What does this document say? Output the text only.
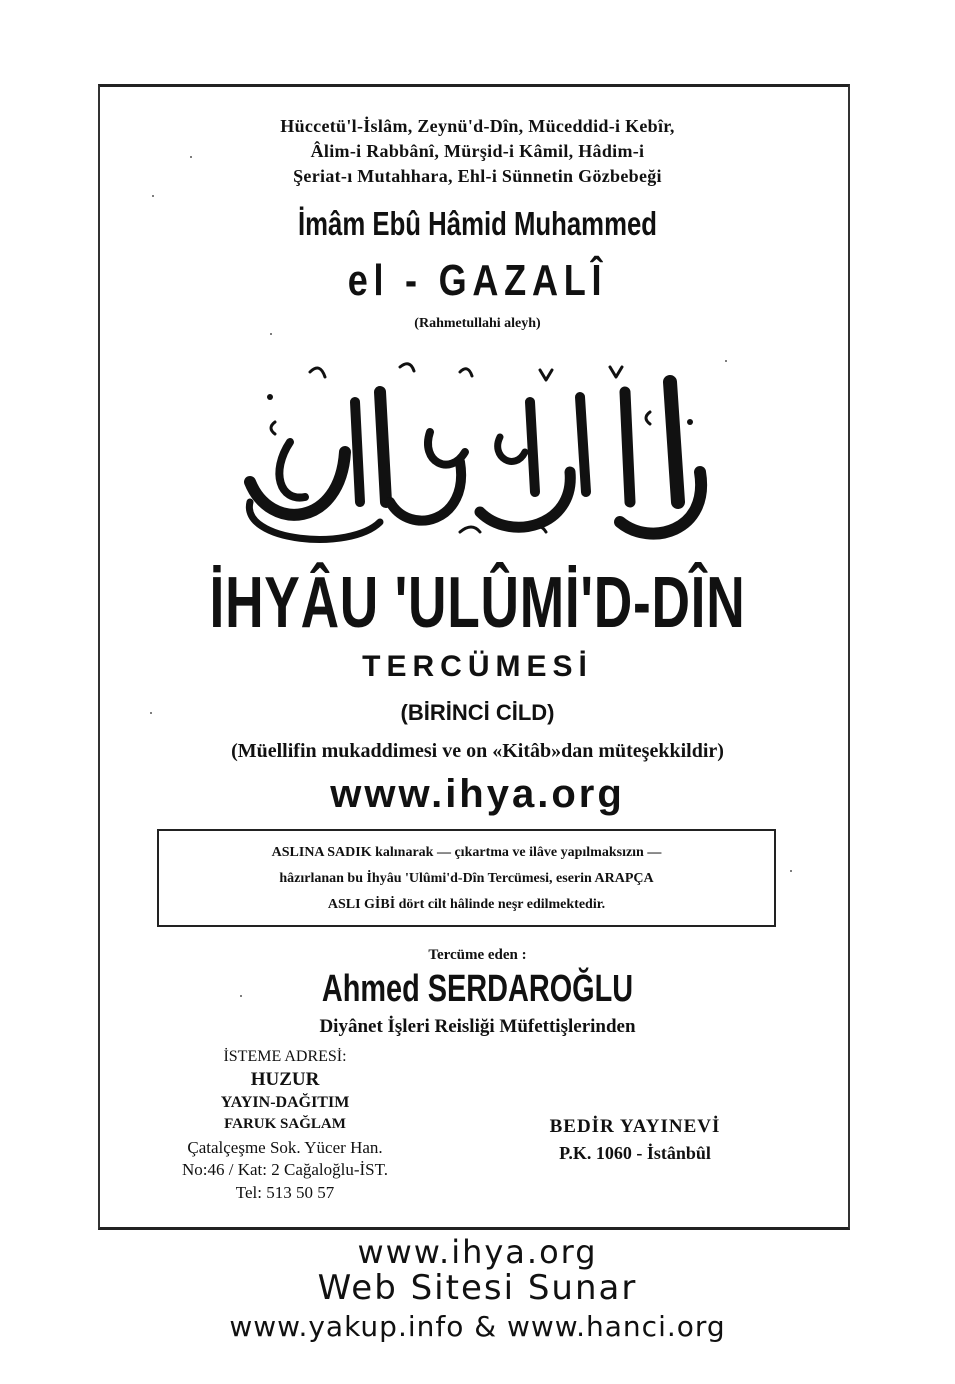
Hüccetü'l-İslâm, Zeynü'd-Dîn, Müceddid-i Kebîr,
Âlim-i Rabbânî, Mürşid-i Kâmil, Hâdim-i
Şeriat-ı Mutahhara, Ehl-i Sünnetin Gözbebeği
İmâm Ebû Hâmid Muhammed
el - GAZALÎ
(Rahmetullahi aleyh)
İHYÂU 'ULÛMİ'D-DÎN
TERCÜMESİ
(BİRİNCİ CİLD)
(Müellifin mukaddimesi ve on «Kitâb»dan müteşekkildir)
www.ihya.org
ASLINA SADIK kalınarak — çıkartma ve ilâve yapılmaksızın —
hâzırlanan bu İhyâu 'Ulûmi'd-Dîn Tercümesi, eserin ARAPÇA
ASLI GİBİ dört cilt hâlinde neşr edilmektedir.
Tercüme eden :
Ahmed SERDAROĞLU
Diyânet İşleri Reisliği Müfettişlerinden
İSTEME ADRESİ:
HUZUR
YAYIN-DAĞITIM
FARUK SAĞLAM
Çatalçeşme Sok. Yücer Han.
No:46 / Kat: 2 Cağaloğlu-İST.
Tel: 513 50 57
BEDİR YAYINEVİ
P.K. 1060 - İstânbûl
www.ihya.org
Web Sitesi Sunar
www.yakup.info & www.hanci.org
